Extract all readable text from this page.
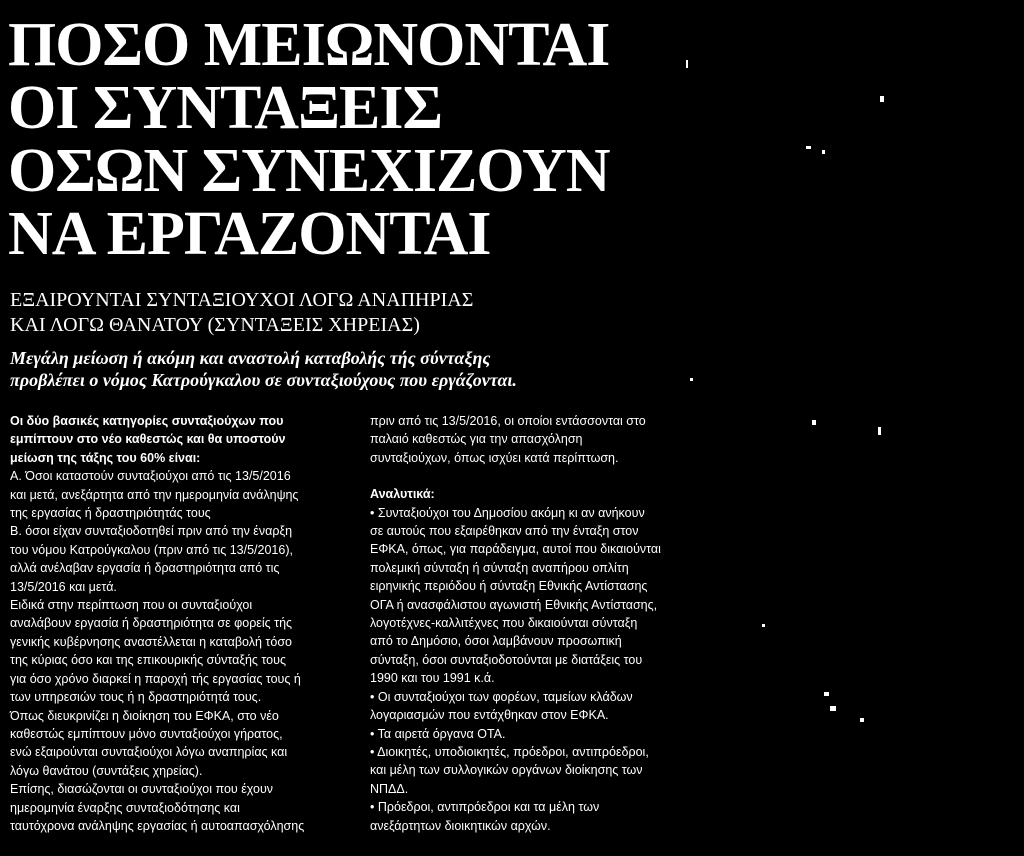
ΠΟΣΟ ΜΕΙΩΝΟΝΤΑΙ
ΟΙ ΣΥΝΤΑΞΕΙΣ
ΟΣΩΝ ΣΥΝΕΧΙΖΟΥΝ
ΝΑ ΕΡΓΑΖΟΝΤΑΙ
ΕΞΑΙΡΟΥΝΤΑΙ ΣΥΝΤΑΞΙΟΥΧΟΙ ΛΟΓΩ ΑΝΑΠΗΡΙΑΣ
ΚΑΙ ΛΟΓΩ ΘΑΝΑΤΟΥ (ΣΥΝΤΑΞΕΙΣ ΧΗΡΕΙΑΣ)
Μεγάλη μείωση ή ακόμη και αναστολή καταβολής τής σύνταξης
προβλέπει ο νόμος Κατρούγκαλου σε συνταξιούχους που εργάζονται.
Οι δύο βασικές κατηγορίες συνταξιούχων που
εμπίπτουν στο νέο καθεστώς και θα υποστούν
μείωση της τάξης του 60% είναι:
Α. Όσοι καταστούν συνταξιούχοι από τις 13/5/2016
και μετά, ανεξάρτητα από την ημερομηνία ανάληψης
της εργασίας ή δραστηριότητάς τους
Β. όσοι είχαν συνταξιοδοτηθεί πριν από την έναρξη
του νόμου Κατρούγκαλου (πριν από τις 13/5/2016),
αλλά ανέλαβαν εργασία ή δραστηριότητα από τις
13/5/2016 και μετά.
Ειδικά στην περίπτωση που οι συνταξιούχοι
αναλάβουν εργασία ή δραστηριότητα σε φορείς τής
γενικής κυβέρνησης αναστέλλεται η καταβολή τόσο
της κύριας όσο και της επικουρικής σύνταξής τους
για όσο χρόνο διαρκεί η παροχή τής εργασίας τους ή
των υπηρεσιών τους ή η δραστηριότητά τους.
Όπως διευκρινίζει η διοίκηση του ΕΦΚΑ, στο νέο
καθεστώς εμπίπτουν μόνο συνταξιούχοι γήρατος,
ενώ εξαιρούνται συνταξιούχοι λόγω αναπηρίας και
λόγω θανάτου (συντάξεις χηρείας).
Επίσης, διασώζονται οι συνταξιούχοι που έχουν
ημερομηνία έναρξης συνταξιοδότησης και
ταυτόχρονα ανάληψης εργασίας ή αυτοαπασχόλησης
πριν από τις 13/5/2016, οι οποίοι εντάσσονται στο
παλαιό καθεστώς για την απασχόληση
συνταξιούχων, όπως ισχύει κατά περίπτωση.
Αναλυτικά:
• Συνταξιούχοι του Δημοσίου ακόμη κι αν ανήκουν
σε αυτούς που εξαιρέθηκαν από την ένταξη στον
ΕΦΚΑ, όπως, για παράδειγμα, αυτοί που δικαιούνται
πολεμική σύνταξη ή σύνταξη αναπήρου οπλίτη
ειρηνικής περιόδου ή σύνταξη Εθνικής Αντίστασης
ΟΓΑ ή ανασφάλιστου αγωνιστή Εθνικής Αντίστασης,
λογοτέχνες-καλλιτέχνες που δικαιούνται σύνταξη
από το Δημόσιο, όσοι λαμβάνουν προσωπική
σύνταξη, όσοι συνταξιοδοτούνται με διατάξεις του
1990 και του 1991 κ.ά.
• Οι συνταξιούχοι των φορέων, ταμείων κλάδων
λογαριασμών που εντάχθηκαν στον ΕΦΚΑ.
• Τα αιρετά όργανα ΟΤΑ.
• Διοικητές, υποδιοικητές, πρόεδροι, αντιπρόεδροι,
και μέλη των συλλογικών οργάνων διοίκησης των
ΝΠΔΔ.
• Πρόεδροι, αντιπρόεδροι και τα μέλη των
ανεξάρτητων διοικητικών αρχών.
